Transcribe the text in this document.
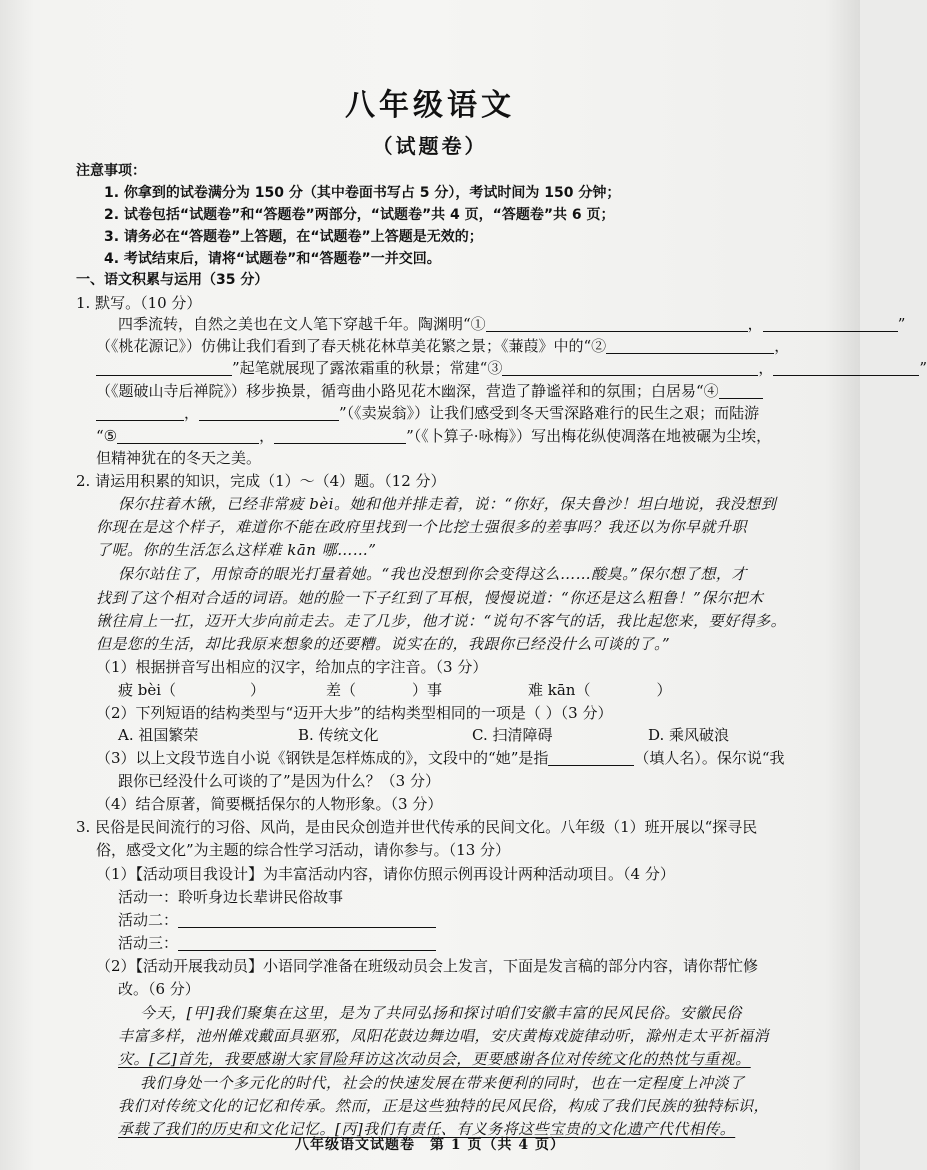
八年级语文
（试题卷）
注意事项：
1. 你拿到的试卷满分为 150 分（其中卷面书写占 5 分），考试时间为 150 分钟；
2. 试卷包括“试题卷”和“答题卷”两部分，“试题卷”共 4 页，“答题卷”共 6 页；
3. 请务必在“答题卷”上答题，在“试题卷”上答题是无效的；
4. 考试结束后，请将“试题卷”和“答题卷”一并交回。
一、语文积累与运用（35 分）
1. 默写。（10 分）
四季流转，自然之美也在文人笔下穿越千年。陶渊明“①	，	”
（《桃花源记》）仿佛让我们看到了春天桃花林草美花繁之景；《蒹葭》中的“②	，
”起笔就展现了露浓霜重的秋景；常建“③	，	”
（《题破山寺后禅院》）移步换景，循弯曲小路见花木幽深，营造了静谧祥和的氛围；白居易“④
，	”（《卖炭翁》）让我们感受到冬天雪深路难行的民生之艰；而陆游
“⑤	，	”（《卜算子·咏梅》）写出梅花纵使凋落在地被碾为尘埃，
但精神犹在的冬天之美。
2. 请运用积累的知识，完成（1）～（4）题。（12 分）
保尔拄着木锹，已经非常疲 bèi。她和他并排走着，说：“你好，保夫鲁沙！坦白地说，我没想到
你现在是这个样子，难道你不能在政府里找到一个比挖土强很多的差事吗？我还以为你早就升职
了呢。你的生活怎么这样难 kān 哪……”
保尔站住了，用惊奇的眼光打量着她。“我也没想到你会变得这么……酸臭。”保尔想了想，才
找到了这个相对合适的词语。她的脸一下子红到了耳根，慢慢说道：“你还是这么粗鲁！”保尔把木
锹往肩上一扛，迈开大步向前走去。走了几步，他才说：“说句不客气的话，我比起您来，要好得多。
但是您的生活，却比我原来想象的还要糟。说实在的，我跟你已经没什么可谈的了。”
（1）根据拼音写出相应的汉字，给加点的字注音。（3 分）
疲 bèi（	）	差（	）事	难 kān（	）
（2）下列短语的结构类型与“迈开大步”的结构类型相同的一项是（ ）（3 分）
A. 祖国繁荣	B. 传统文化	C. 扫清障碍	D. 乘风破浪
（3）以上文段节选自小说《钢铁是怎样炼成的》，文段中的“她”是指	（填人名）。保尔说“我
跟你已经没什么可谈的了”是因为什么？（3 分）
（4）结合原著，简要概括保尔的人物形象。（3 分）
3. 民俗是民间流行的习俗、风尚，是由民众创造并世代传承的民间文化。八年级（1）班开展以“探寻民
俗，感受文化”为主题的综合性学习活动，请你参与。（13 分）
（1）【活动项目我设计】为丰富活动内容，请你仿照示例再设计两种活动项目。（4 分）
活动一：聆听身边长辈讲民俗故事
活动二：
活动三：
（2）【活动开展我动员】小语同学准备在班级动员会上发言，下面是发言稿的部分内容，请你帮忙修
改。（6 分）
今天，[甲]我们聚集在这里，是为了共同弘扬和探讨咱们安徽丰富的民风民俗。安徽民俗
丰富多样，池州傩戏戴面具驱邪，凤阳花鼓边舞边唱，安庆黄梅戏旋律动听，滁州走太平祈福消
灾。[乙]首先，我要感谢大家冒险拜访这次动员会，更要感谢各位对传统文化的热忱与重视。
我们身处一个多元化的时代，社会的快速发展在带来便利的同时，也在一定程度上冲淡了
我们对传统文化的记忆和传承。然而，正是这些独特的民风民俗，构成了我们民族的独特标识，
承载了我们的历史和文化记忆。[丙]我们有责任、有义务将这些宝贵的文化遗产代代相传。
八年级语文试题卷　第 1 页（共 4 页）
